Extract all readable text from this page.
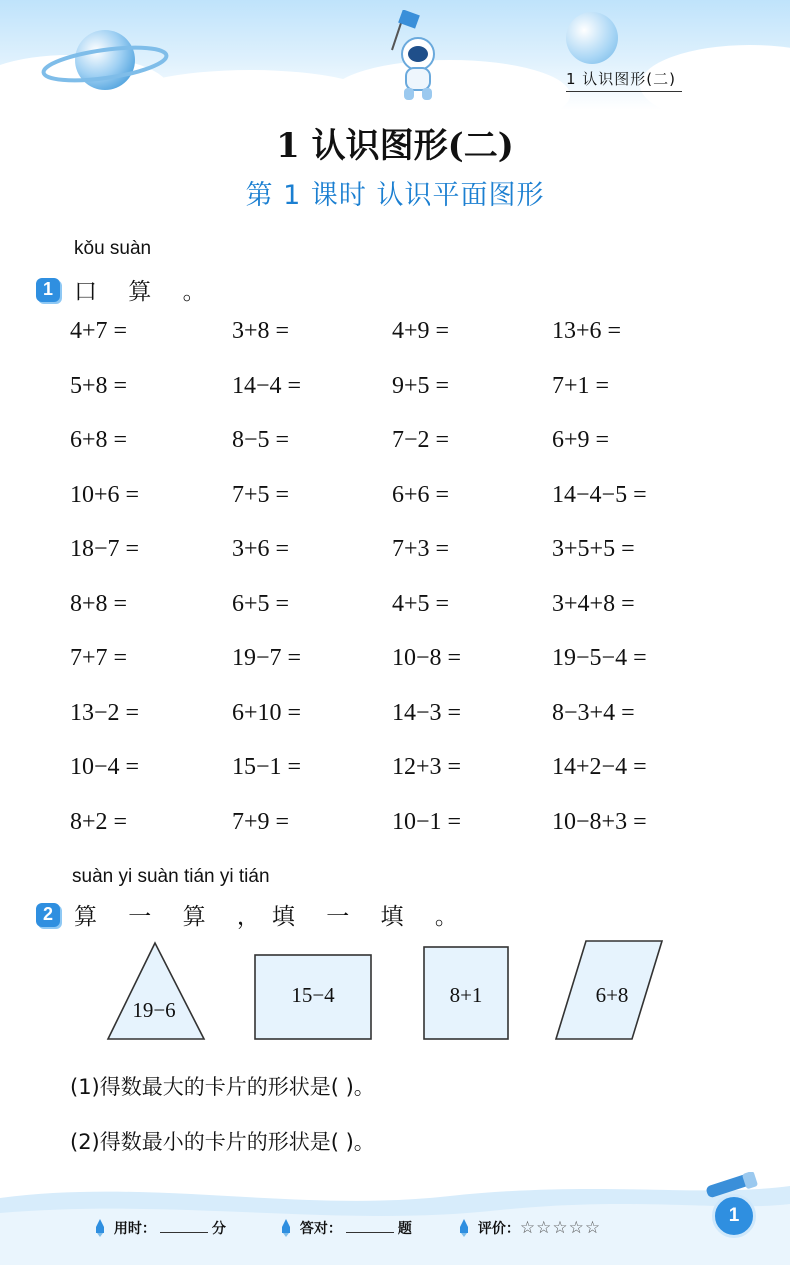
1 认识图形(二)
1 认识图形(二)
第 1 课时 认识平面图形
kǒu suàn
1 口 算 。
4+7 =	3+8 =	4+9 =	13+6 =
5+8 =	14−4 =	9+5 =	7+1 =
6+8 =	8−5 =	7−2 =	6+9 =
10+6 =	7+5 =	6+6 =	14−4−5 =
18−7 =	3+6 =	7+3 =	3+5+5 =
8+8 =	6+5 =	4+5 =	3+4+8 =
7+7 =	19−7 =	10−8 =	19−5−4 =
13−2 =	6+10 =	14−3 =	8−3+4 =
10−4 =	15−1 =	12+3 =	14+2−4 =
8+2 =	7+9 =	10−1 =	10−8+3 =
suàn yi suàn tián yi tián
2 算 一 算 ，填 一 填 。
19−6
15−4	8+1	6+8
(1)得数最大的卡片的形状是( )。
(2)得数最小的卡片的形状是( )。
用时：	分	答对：	题	评价：☆☆☆☆☆
1
